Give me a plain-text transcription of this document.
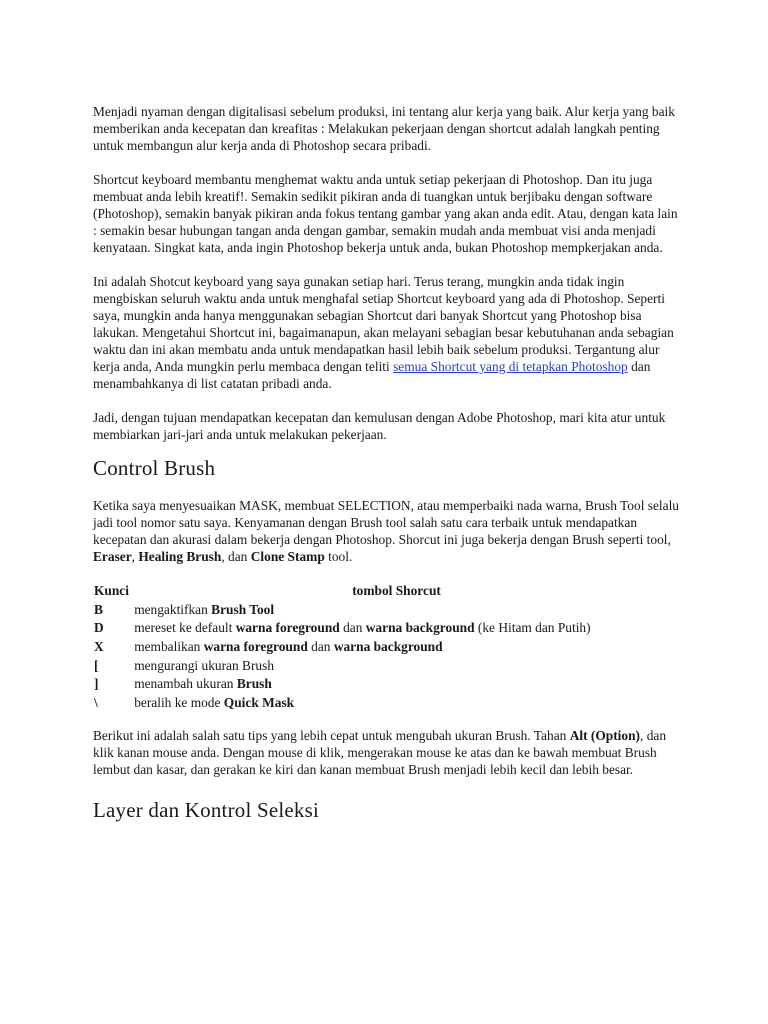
Menjadi nyaman dengan digitalisasi sebelum produksi, ini tentang alur kerja yang baik. Alur kerja yang baik memberikan anda kecepatan dan kreafitas : Melakukan pekerjaan dengan shortcut adalah langkah penting untuk membangun alur kerja anda di Photoshop secara pribadi.

Shortcut keyboard membantu menghemat waktu anda untuk setiap pekerjaan di Photoshop. Dan itu juga membuat anda lebih kreatif!. Semakin sedikit pikiran anda di tuangkan untuk berjibaku dengan software (Photoshop), semakin banyak pikiran anda fokus tentang gambar yang akan anda edit. Atau, dengan kata lain : semakin besar hubungan tangan anda dengan gambar, semakin mudah anda membuat visi anda menjadi kenyataan. Singkat kata, anda ingin Photoshop bekerja untuk anda, bukan Photoshop mempkerjakan anda.

Ini adalah Shotcut keyboard yang saya gunakan setiap hari. Terus terang, mungkin anda tidak ingin mengbiskan seluruh waktu anda untuk menghafal setiap Shortcut keyboard yang ada di Photoshop. Seperti saya, mungkin anda hanya menggunakan sebagian Shortcut dari banyak Shortcut yang Photoshop bisa lakukan. Mengetahui Shortcut ini, bagaimanapun, akan melayani sebagian besar kebutuhanan anda sebagian waktu dan ini akan membatu anda untuk mendapatkan hasil lebih baik sebelum produksi. Tergantung alur kerja anda, Anda mungkin perlu membaca dengan teliti semua Shortcut yang di tetapkan Photoshop dan menambahkanya di list catatan pribadi anda.

Jadi, dengan tujuan mendapatkan kecepatan dan kemulusan dengan Adobe Photoshop, mari kita atur untuk membiarkan jari-jari anda untuk melakukan pekerjaan.

Control Brush

Ketika saya menyesuaikan MASK, membuat SELECTION, atau memperbaiki nada warna, Brush Tool selalu jadi tool nomor satu saya. Kenyamanan dengan Brush tool salah satu cara terbaik untuk mendapatkan kecepatan dan akurasi dalam bekerja dengan Photoshop. Shorcut ini juga bekerja dengan Brush seperti tool, Eraser, Healing Brush, dan Clone Stamp tool.

Kunci	tombol Shorcut
B	mengaktifkan Brush Tool
D	mereset ke default warna foreground dan warna background (ke Hitam dan Putih)
X	membalikan warna foreground dan warna background
[	mengurangi ukuran Brush
]	menambah ukuran Brush
\	beralih ke mode Quick Mask

Berikut ini adalah salah satu tips yang lebih cepat untuk mengubah ukuran Brush. Tahan Alt (Option), dan klik kanan mouse anda. Dengan mouse di klik, mengerakan mouse ke atas dan ke bawah membuat Brush lembut dan kasar, dan gerakan ke kiri dan kanan membuat Brush menjadi lebih kecil dan lebih besar.

Layer dan Kontrol Seleksi
